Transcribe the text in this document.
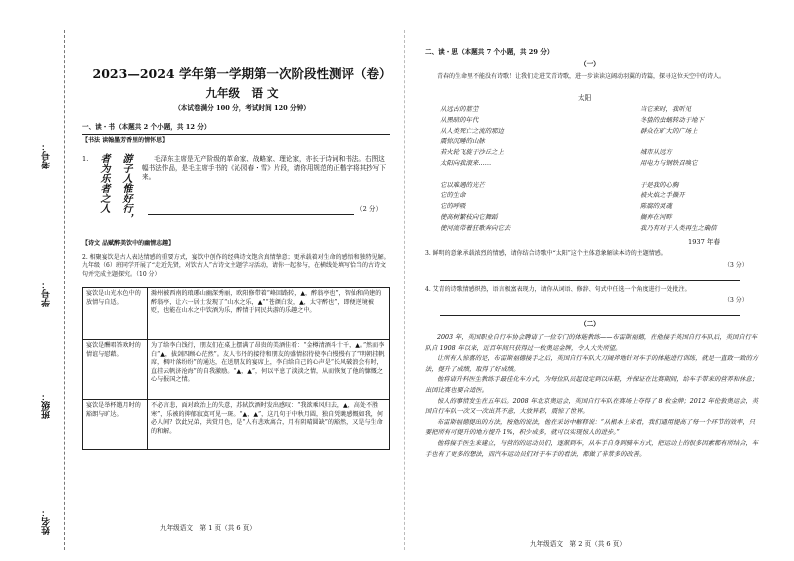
考号：
学号：
班级：
姓名：
2023—2024 学年第一学期第一次阶段性测评（卷）
九年级　语 文
（本试卷满分 100 分，考试时间 120 分钟）
一、读・书（本题共 2 个小题，共 12 分）
【书法 读翰墨芳香里的情怀思】
1.	游子人惟好行，
者为乐者之人	毛泽东主席是无产阶级的革命家、战略家、理论家，亦长于诗词和书法。右图这幅书法作品，是毛主席手书的《沁园春・雪》片段，请你用规范的正楷字将其抄写下来。
（2 分）
【诗文 品赋醉美饮中的幽情志趣】
2. 相聚宴饮是古人表达情感的重要方式，宴饮中创作的经典诗文饱含真情挚意；更承载着对生命的感悟和独特见解。九年级（6）班同学开展了“走近先贤，对饮古人”古诗文主题学习活动，请你一起参与，在横线处填写恰当的古诗文句并完成主题探究。（10 分）
宴饮是山光水色中的放情与自适。	滁州被西南的琅琊山幽深秀丽，欧阳修带着“峰回路转，▲，醉翁亭也”，智仙和尚建的醉翁亭，让六一居士发现了“山水之乐，▲”“苍颜白发，▲，太守醉也”，即便逆境被贬，也能在山水之中饮酒为乐，醉情于同民共游的乐趣之中。
宴饮是酬唱答欢时的情谊与慰藉。	为了给李白饯行，朋友们在桌上摆满了昂贵的美酒佳肴：“金樽清酒斗十千，▲。”然而李白“▲，拔剑四顾心茫然”。友人韦丹的接待和朋友的盛情招待使李白慢慢有了“明朝挂帆席，枫叶落纷纷”的通达，在送朋友的宴席上，李白给自己的心声是“长风破浪会有时，直挂云帆济沧海”的自我激励。“▲，▲”，何以平息了淡淡之情，从而恢复了他的慷慨之心与报国之情。
宴饮是举杯邀月时的豁朗与旷达。	不必言悲，面对政治上的失意，苏轼饮酒时发出感叹：“我欲乘风归去，▲，高处不胜寒”，乐被的抑郁寂寞可见一斑。“▲，▲”，这几句于中秋月圆，独自凭眺感慨如我，何必人间？饮此兄弟，共赏月色，是“人有悲欢离合，月有阴晴圆缺”的豁然，又是与生命的和解。
九年级语文　第 1 页（共 6 页）
二、读・思（本题共 7 个小题，共 29 分）
（一）
青春的生命里不能没有诗歌！让我们走进艾青诗歌，进一步读读这阔动羽翼的诗篇，探寻这位天空中的诗人。
太阳
从远古的墓茔
从黑暗的年代
从人类死亡之流的那边
震惊沉睡的山脉
若火轮飞旋于沙丘之上
太阳向我滚来……

它以难遇的光芒
它的生命
它的呼吸
使高树繁枝向它舞蹈
使河流带着狂歌奔向它去
当它来时，我听见
冬蛰的虫蛹转动于地下
群众在旷大的广场上

城市从远方
用电力与钢铁召唤它

于是我的心胸
被火焰之手撕开
陈腐的灵魂
搁弃在河畔
我乃有对于人类再生之确信
1937 年春
3. 鲜明的意象承载浓烈的情感，请你结合诗歌中“太阳”这个主体意象解读本诗的主题情感。
（3 分）
4. 艾青的诗歌情感炽热，语言极富表现力，请你从词语、修辞、句式中任选一个角度进行一处批注。
（3 分）
（二）
2003 年，英国职业自行车协会聘请了一位专门的体能教练——布雷斯福德，在他接手英国自行车队后，英国自行车队自 1908 年以来，近百年间只获得过一枚奥运金牌，令人大失所望。
让所有人惊喜的是，布雷斯福德接手之后，英国自行车队大刀阔斧地针对车手的体能进行训练，就是一直致一致的方法，提升了成绩，取得了好成绩。
他将请升科医生教练手最佳化车方式，为每位队员起设定到以床鞋，并保证在比赛期间，给车手带来的营养和休息；出国比赛也要合适医。
惊人的事情发生在五年后。2008 年北京奥运会，英国自行车队在赛场上夺得了 8 枚金牌；2012 年伦敦奥运会，英国自行车队一次又一次出其不意，大放异彩，震惊了世界。
布雷斯福德提出的方法，按他的说法，他在采访中解释说：“从根本上来看，我们通用提高了每一个环节的效率，只要把所有可提升的地方提升 1%，积少成多，就可以实现惊人的进步。”
他将接手医生来建立，与营的的运动员们，逐渐到车，从车手自身到骑车方式，把运动上的很多因素都有所结合，车手也有了更多的想法，而汽车运动员们对于车手的看法，都做了非常多的改善。
九年级语文　第 2 页（共 6 页）
